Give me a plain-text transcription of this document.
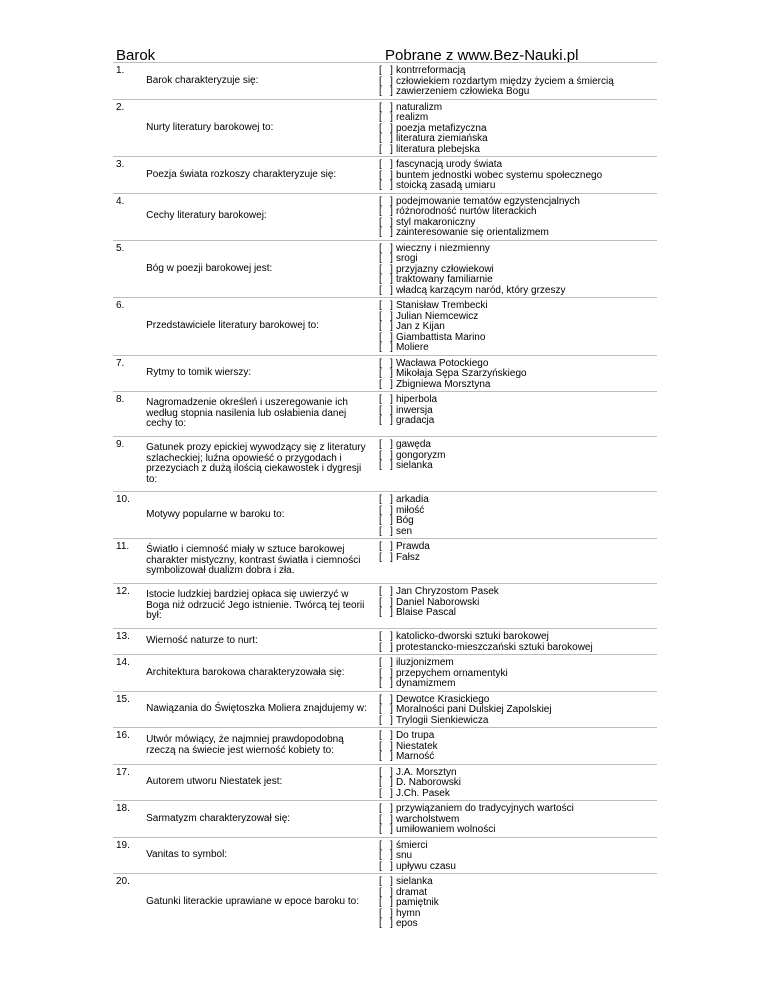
Barok	Pobrane z www.Bez-Nauki.pl
1.	Barok charakteryzuje się:

[   ]
kontrreformacją
[   ]
człowiekiem rozdartym między życiem a śmiercią
[   ]
zawierzeniem człowieka Bogu

2.	Nurty literatury barokowej to:

[   ]
naturalizm
[   ]
realizm
[   ]
poezja metafizyczna
[   ]
literatura ziemiańska
[   ]
literatura plebejska

3.	Poezja świata rozkoszy charakteryzuje się:

[   ]
fascynacją urody świata
[   ]
buntem jednostki wobec systemu społecznego
[   ]
stoicką zasadą umiaru

4.	Cechy literatury barokowej:

[   ]
podejmowanie tematów egzystencjalnych
[   ]
różnorodność nurtów literackich
[   ]
styl makaroniczny
[   ]
zainteresowanie się orientalizmem

5.	Bóg w poezji barokowej jest:

[   ]
wieczny i niezmienny
[   ]
srogi
[   ]
przyjazny człowiekowi
[   ]
traktowany familiarnie
[   ]
władcą karzącym naród, który grzeszy

6.	Przedstawiciele literatury barokowej to:

[   ]
Stanisław Trembecki
[   ]
Julian Niemcewicz
[   ]
Jan z Kijan
[   ]
Giambattista Marino
[   ]
Moliere

7.	Rytmy to tomik wierszy:

[   ]
Wacława Potockiego
[   ]
Mikołaja Sępa Szarzyńskiego
[   ]
Zbigniewa Morsztyna

8.	Nagromadzenie określeń i uszeregowanie ich według stopnia nasilenia lub osłabienia danej cechy to:

[   ]
hiperbola
[   ]
inwersja
[   ]
gradacja

9.	Gatunek prozy epickiej wywodzący się z literatury szlacheckiej; luźna opowieść o przygodach i przezyciach z dużą ilością ciekawostek i dygresji to:

[   ]
gawęda
[   ]
gongoryzm
[   ]
sielanka

10.	Motywy popularne w baroku to:

[   ]
arkadia
[   ]
miłość
[   ]
Bóg
[   ]
sen

11.	Światło i ciemność miały w sztuce barokowej charakter mistyczny, kontrast światła i ciemności symbolizował dualizm dobra i zła.

[   ]
Prawda
[   ]
Fałsz

12.	Istocie ludzkiej bardziej opłaca się uwierzyć w Boga niż odrzucić Jego istnienie. Twórcą tej teorii był:

[   ]
Jan Chryzostom Pasek
[   ]
Daniel Naborowski
[   ]
Blaise Pascal

13.	Wierność naturze to nurt:

[   ]katolicko-dworski sztuki barokowej
[   ]
protestancko-mieszczański sztuki barokowej

14.	Architektura barokowa charakteryzowała się:

[   ]
iluzjonizmem
[   ]
przepychem ornamentyki
[   ]
dynamizmem

15.	Nawiązania do Świętoszka Moliera znajdujemy w:

[   ]
Dewotce Krasickiego
[   ]
Moralności pani Dulskiej Zapolskiej
[   ]
Trylogii Sienkiewicza

16.	Utwór mówiący, że najmniej prawdopodobną rzeczą na świecie jest wierność kobiety to:

[   ]
Do trupa
[   ]
Niestatek
[   ]
Marność

17.	Autorem utworu Niestatek jest:

[   ]
J.A. Morsztyn
[   ]
D. Naborowski
[   ]
J.Ch. Pasek

18.	Sarmatyzm charakteryzował się:

[   ]
przywiązaniem do tradycyjnych wartości
[   ]
warcholstwem
[   ]
umiłowaniem wolności

19.	Vanitas to symbol:

[   ]
śmierci
[   ]
snu
[   ]
upływu czasu

20.	Gatunki literackie uprawiane w epoce baroku to:

[   ]
sielanka
[   ]
dramat
[   ]
pamiętnik
[   ]
hymn
[   ]
epos
